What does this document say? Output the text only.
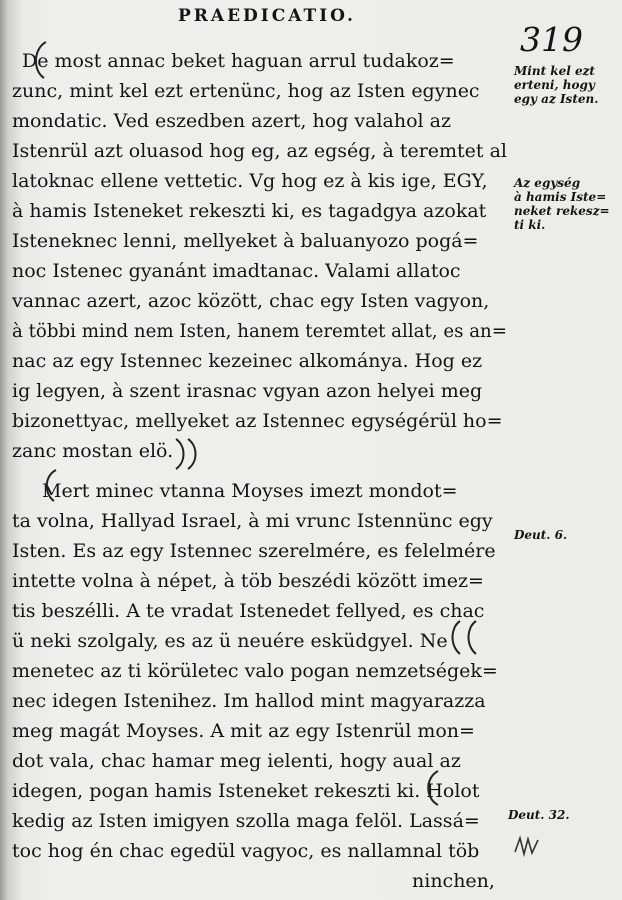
PRAEDICATIO.
319
De most annac beket haguan arrul tudakoz=
zunc, mint kel ezt ertenünc, hog az Isten egynec
mondatic. Ved eszedben azert, hog valahol az
Istenrül azt oluasod hog eg, az egség, à teremtet al
latoknac ellene vettetic. Vg hog ez à kis ige, EGY,
à hamis Isteneket rekeszti ki, es tagadgya azokat
Isteneknec lenni, mellyeket à baluanyozo pogá=
noc Istenec gyanánt imadtanac. Valami allatoc
vannac azert, azoc között, chac egy Isten vagyon,
à többi mind nem Isten, hanem teremtet allat, es an=
nac az egy Istennec kezeinec alkománya. Hog ez
ig legyen, à szent irasnac vgyan azon helyei meg
bizonettyac, mellyeket az Istennec egységérül ho=
zanc mostan elö.
Mert minec vtanna Moyses imezt mondot=
ta volna, Hallyad Israel, à mi vrunc Istennünc egy
Isten. Es az egy Istennec szerelmére, es felelmére
intette volna à népet, à töb beszédi között imez=
tis beszélli. A te vradat Istenedet fellyed, es chac
ü neki szolgaly, es az ü neuére esküdgyel. Ne
menetec az ti körületec valo pogan nemzetségek=
nec idegen Istenihez. Im hallod mint magyarazza
meg magát Moyses. A mit az egy Istenrül mon=
dot vala, chac hamar meg ielenti, hogy aual az
idegen, pogan hamis Isteneket rekeszti ki. Holot
kedig az Isten imigyen szolla maga felöl. Lassá=
toc hog én chac egedül vagyoc, es nallamnal töb
ninchen,
Mint kel ezt
erteni, hogy
egy az Isten.
Az egység
à hamis Iste=
neket rekesz=
ti ki.
Deut. 6.
Deut. 32.
